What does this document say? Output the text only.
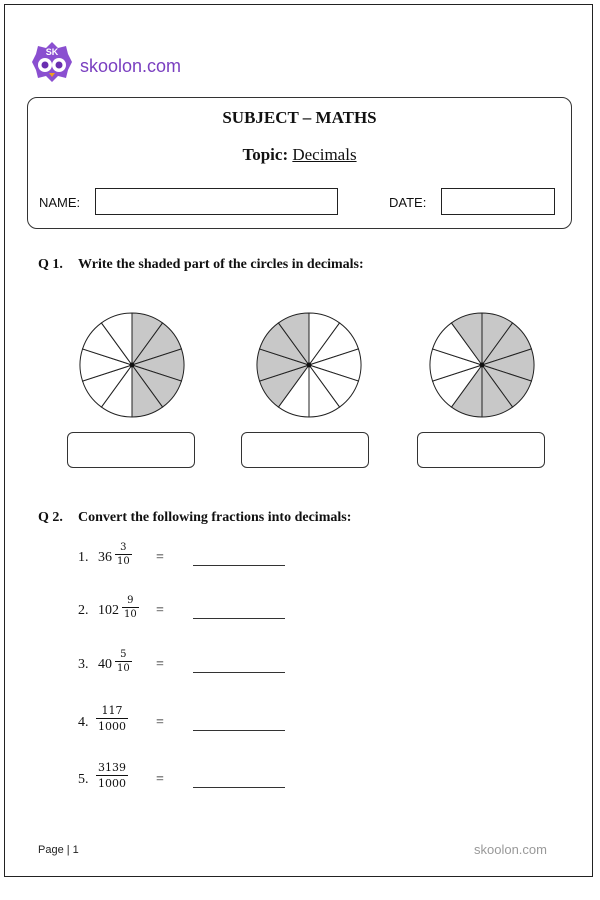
SK
skoolon.com
SUBJECT – MATHS
Topic: Decimals
NAME:	DATE:
Q 1. Write the shaded part of the circles in decimals:
Q 2. Convert the following fractions into decimals:
1. $36 \frac{3}{10}$ =
2. $102 \frac{9}{10}$ =
3. $40 \frac{5}{10}$ =
4. $\frac{117}{1000}$ =
5. $\frac{3139}{1000}$ =
Page | 1	skoolon.com
